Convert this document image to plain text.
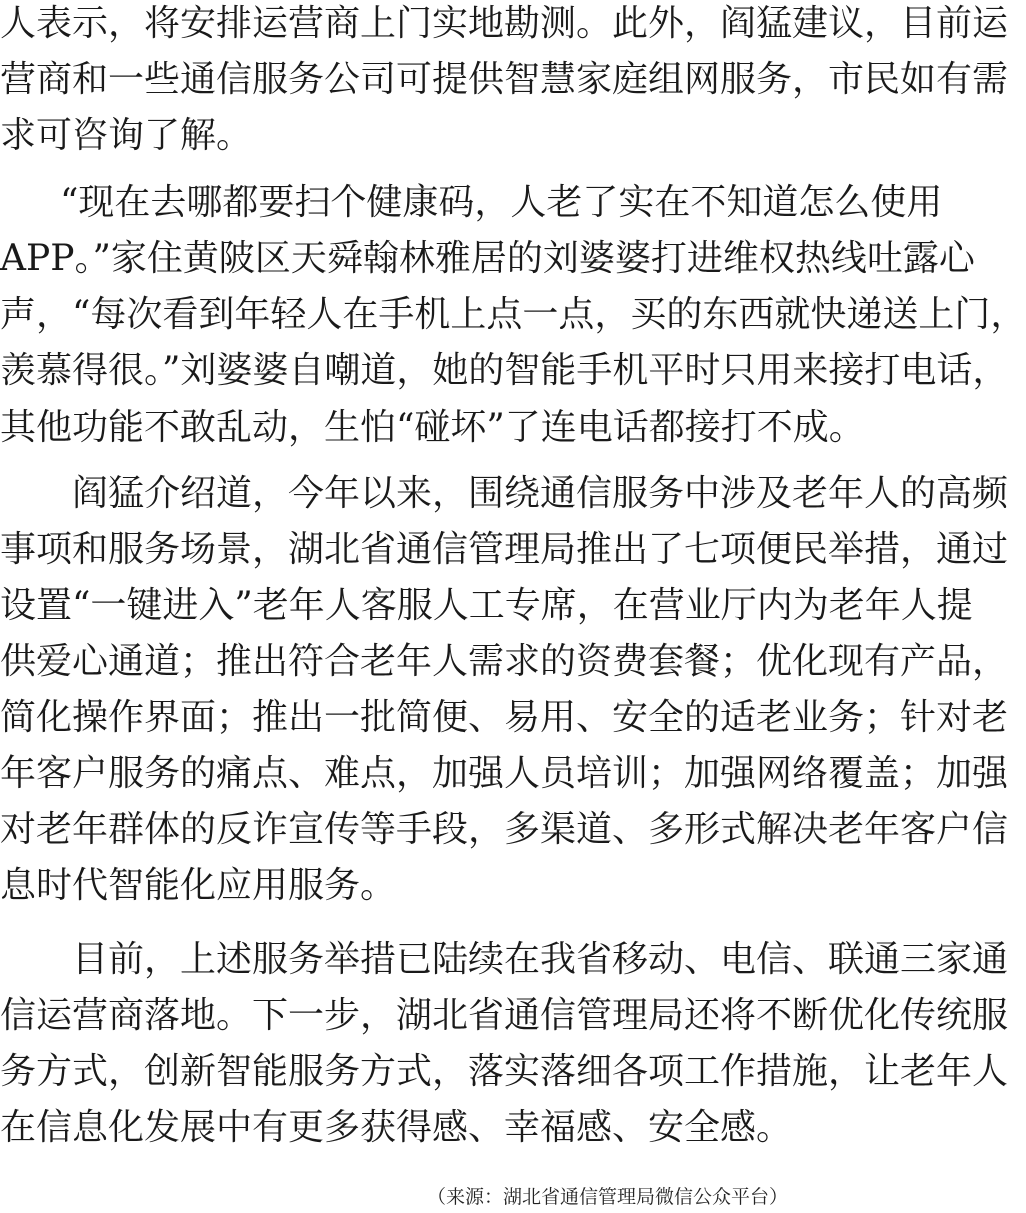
人表示，将安排运营商上门实地勘测。此外，阎猛建议，目前运
营商和一些通信服务公司可提供智慧家庭组网服务，市民如有需
求可咨询了解。
“现在去哪都要扫个健康码，人老了实在不知道怎么使用
APP。”家住黄陂区天舜翰林雅居的刘婆婆打进维权热线吐露心
声，“每次看到年轻人在手机上点一点，买的东西就快递送上门，
羡慕得很。”刘婆婆自嘲道，她的智能手机平时只用来接打电话，
其他功能不敢乱动，生怕“碰坏”了连电话都接打不成。
阎猛介绍道，今年以来，围绕通信服务中涉及老年人的高频
事项和服务场景，湖北省通信管理局推出了七项便民举措，通过
设置“一键进入”老年人客服人工专席，在营业厅内为老年人提
供爱心通道；推出符合老年人需求的资费套餐；优化现有产品，
简化操作界面；推出一批简便、易用、安全的适老业务；针对老
年客户服务的痛点、难点，加强人员培训；加强网络覆盖；加强
对老年群体的反诈宣传等手段，多渠道、多形式解决老年客户信
息时代智能化应用服务。
目前，上述服务举措已陆续在我省移动、电信、联通三家通
信运营商落地。下一步，湖北省通信管理局还将不断优化传统服
务方式，创新智能服务方式，落实落细各项工作措施，让老年人
在信息化发展中有更多获得感、幸福感、安全感。
（来源：湖北省通信管理局微信公众平台）
